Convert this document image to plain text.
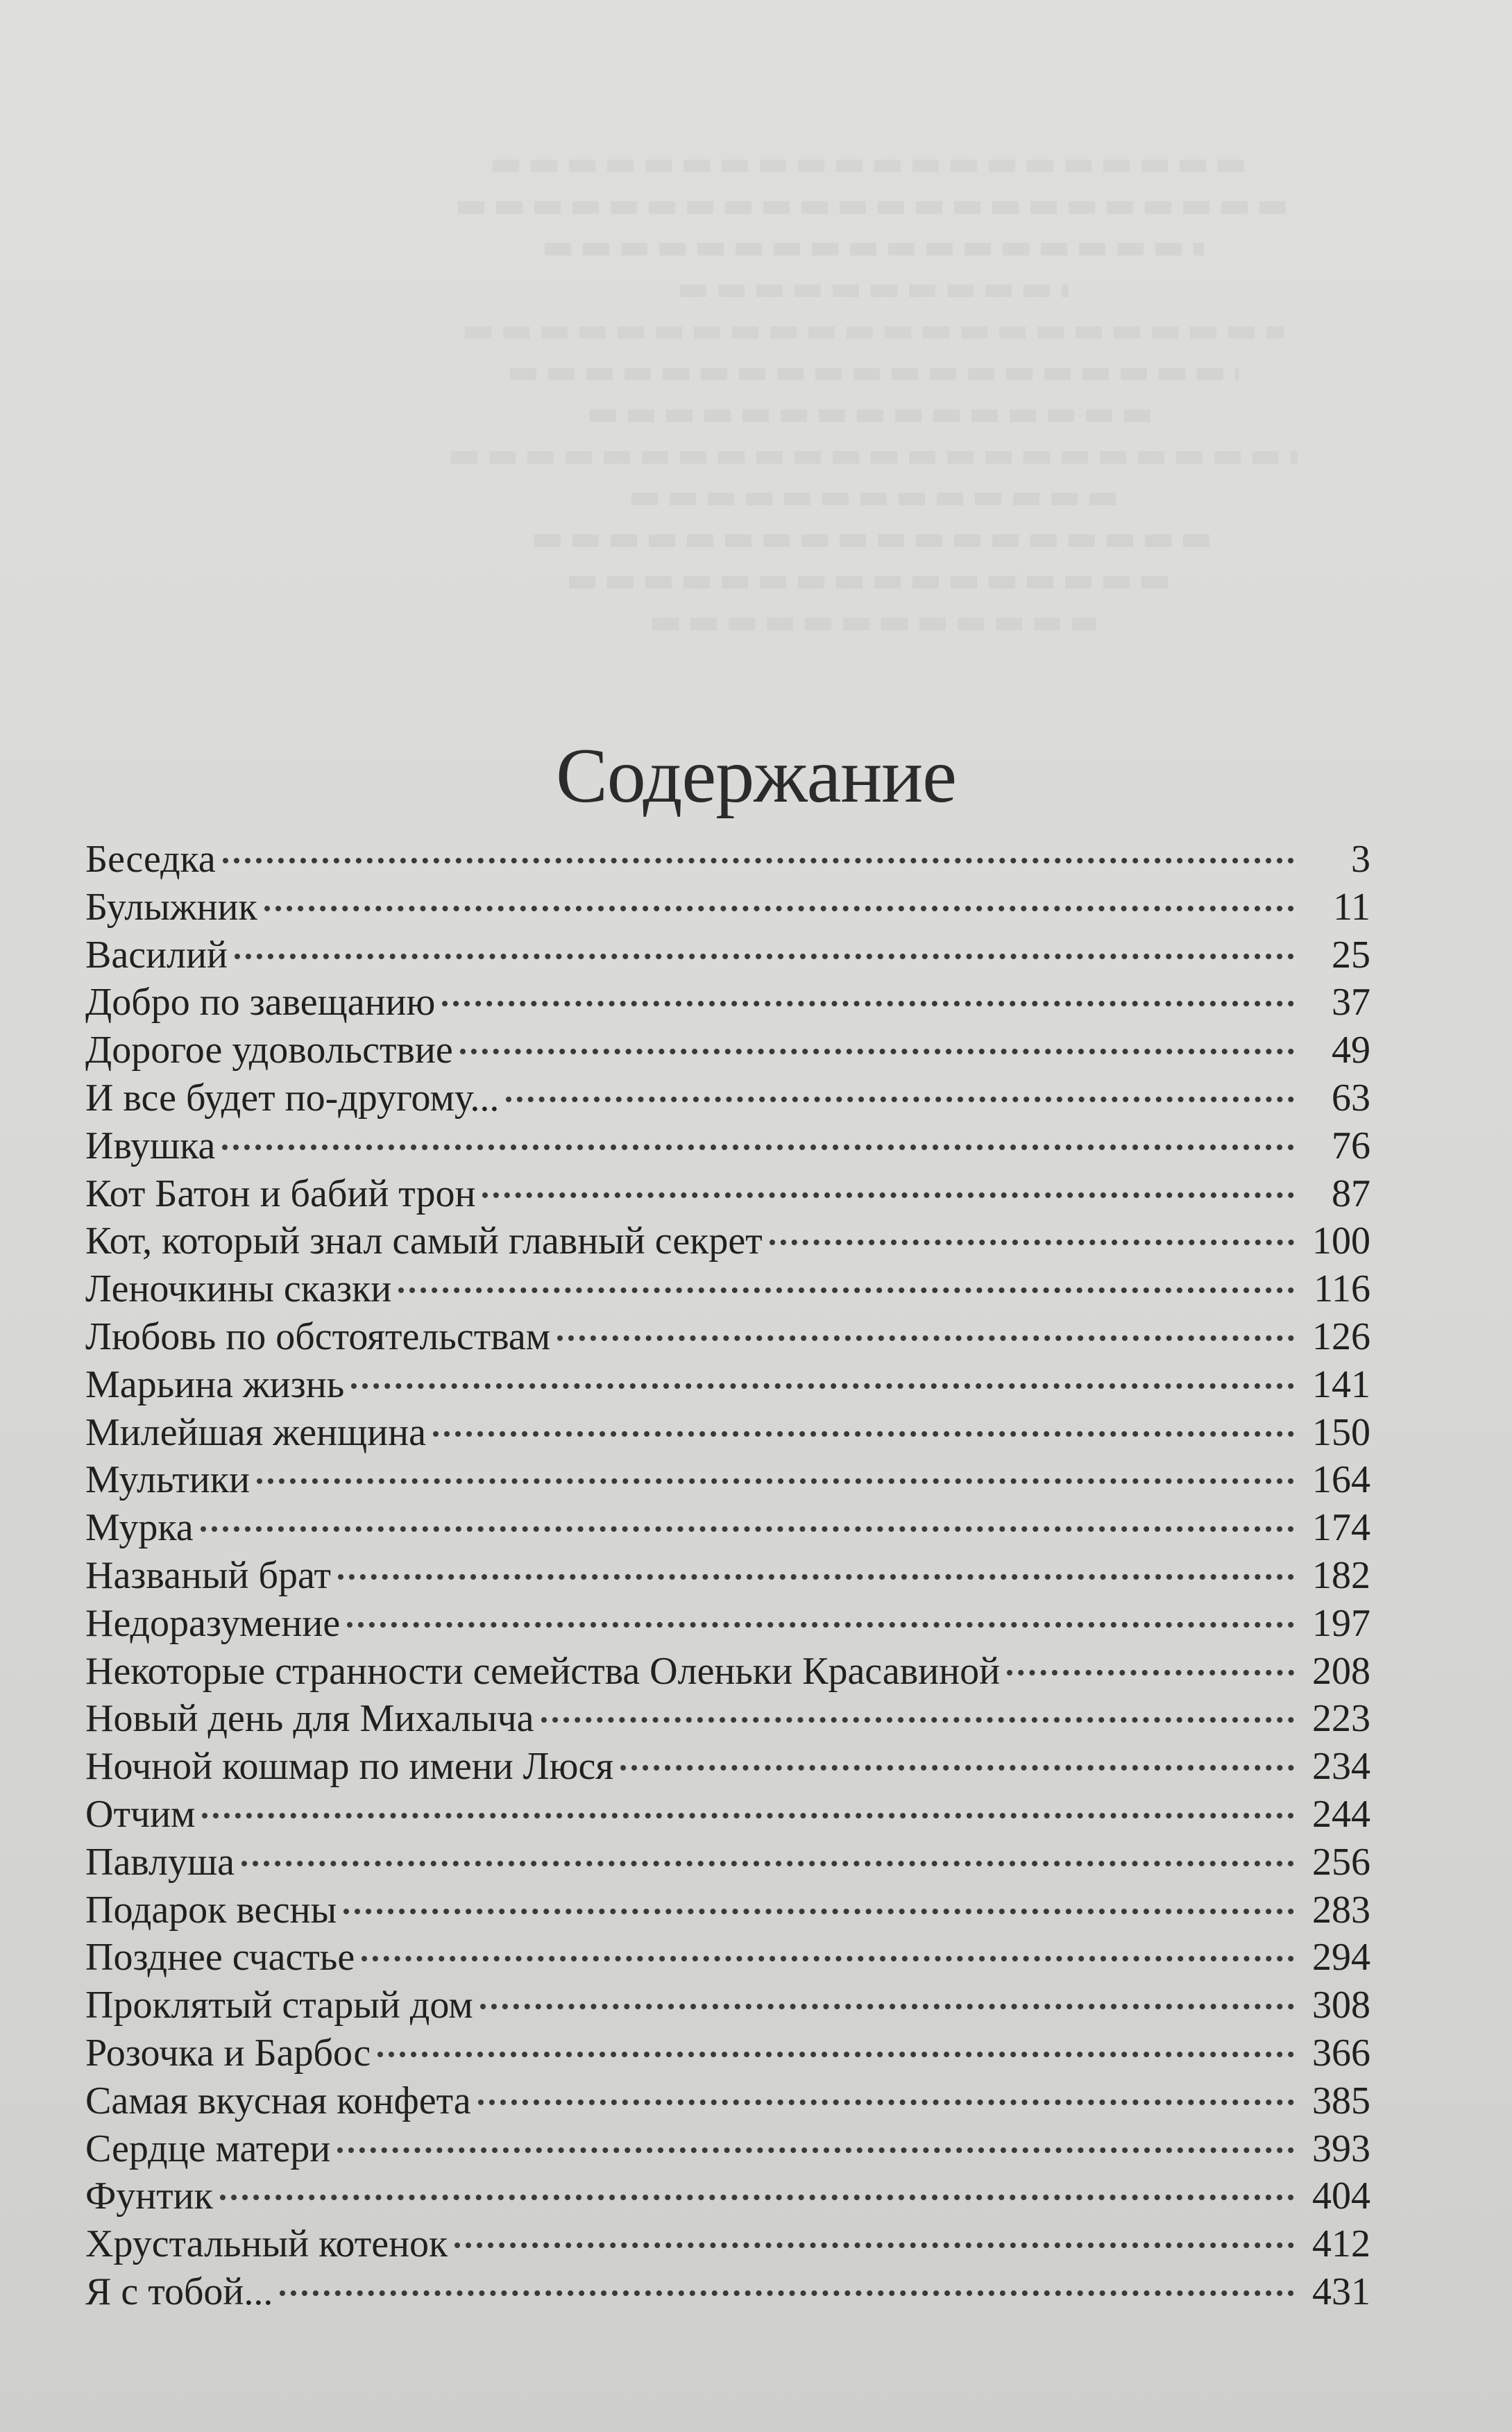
Содержание
Беседка	3
Булыжник	11
Василий	25
Добро по завещанию	37
Дорогое удовольствие	49
И все будет по-другому...	63
Ивушка	76
Кот Батон и бабий трон	87
Кот, который знал самый главный секрет	100
Леночкины сказки	116
Любовь по обстоятельствам	126
Марьина жизнь	141
Милейшая женщина	150
Мультики	164
Мурка	174
Названый брат	182
Недоразумение	197
Некоторые странности семейства Оленьки Красавиной	208
Новый день для Михалыча	223
Ночной кошмар по имени Люся	234
Отчим	244
Павлуша	256
Подарок весны	283
Позднее счастье	294
Проклятый старый дом	308
Розочка и Барбос	366
Самая вкусная конфета	385
Сердце матери	393
Фунтик	404
Хрустальный котенок	412
Я с тобой...	431
